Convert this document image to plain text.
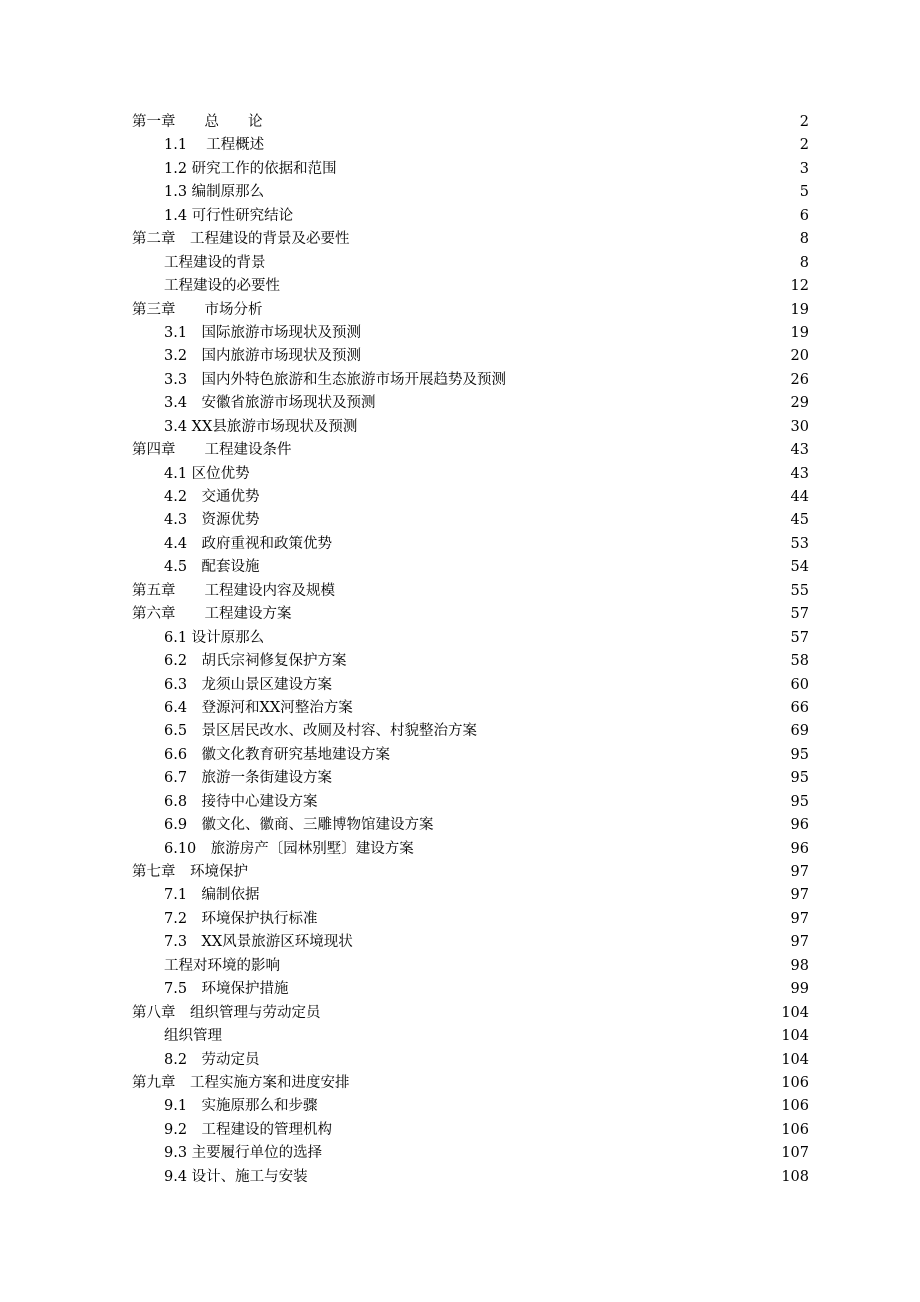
第一章　　总　　论	2
1.1　 工程概述	2
1.2 研究工作的依据和范围	3
1.3 编制原那么	5
1.4 可行性研究结论	6
第二章　工程建设的背景及必要性	8
工程建设的背景	8
工程建设的必要性	12
第三章　　市场分析	19
3.1　国际旅游市场现状及预测	19
3.2　国内旅游市场现状及预测	20
3.3　国内外特色旅游和生态旅游市场开展趋势及预测	26
3.4　安徽省旅游市场现状及预测	29
3.4 XX县旅游市场现状及预测	30
第四章　　工程建设条件	43
4.1 区位优势	43
4.2　交通优势	44
4.3　资源优势	45
4.4　政府重视和政策优势	53
4.5　配套设施	54
第五章　　工程建设内容及规模	55
第六章　　工程建设方案	57
6.1 设计原那么	57
6.2　胡氏宗祠修复保护方案	58
6.3　龙须山景区建设方案	60
6.4　登源河和XX河整治方案	66
6.5　景区居民改水、改厕及村容、村貌整治方案	69
6.6　徽文化教育研究基地建设方案	95
6.7　旅游一条街建设方案	95
6.8　接待中心建设方案	95
6.9　徽文化、徽商、三雕博物馆建设方案	96
6.10　旅游房产〔园林别墅〕建设方案	96
第七章　环境保护	97
7.1　编制依据	97
7.2　环境保护执行标准	97
7.3　XX风景旅游区环境现状	97
工程对环境的影响	98
7.5　环境保护措施	99
第八章　组织管理与劳动定员	104
组织管理	104
8.2　劳动定员	104
第九章　工程实施方案和进度安排	106
9.1　实施原那么和步骤	106
9.2　工程建设的管理机构	106
9.3 主要履行单位的选择	107
9.4 设计、施工与安装	108
